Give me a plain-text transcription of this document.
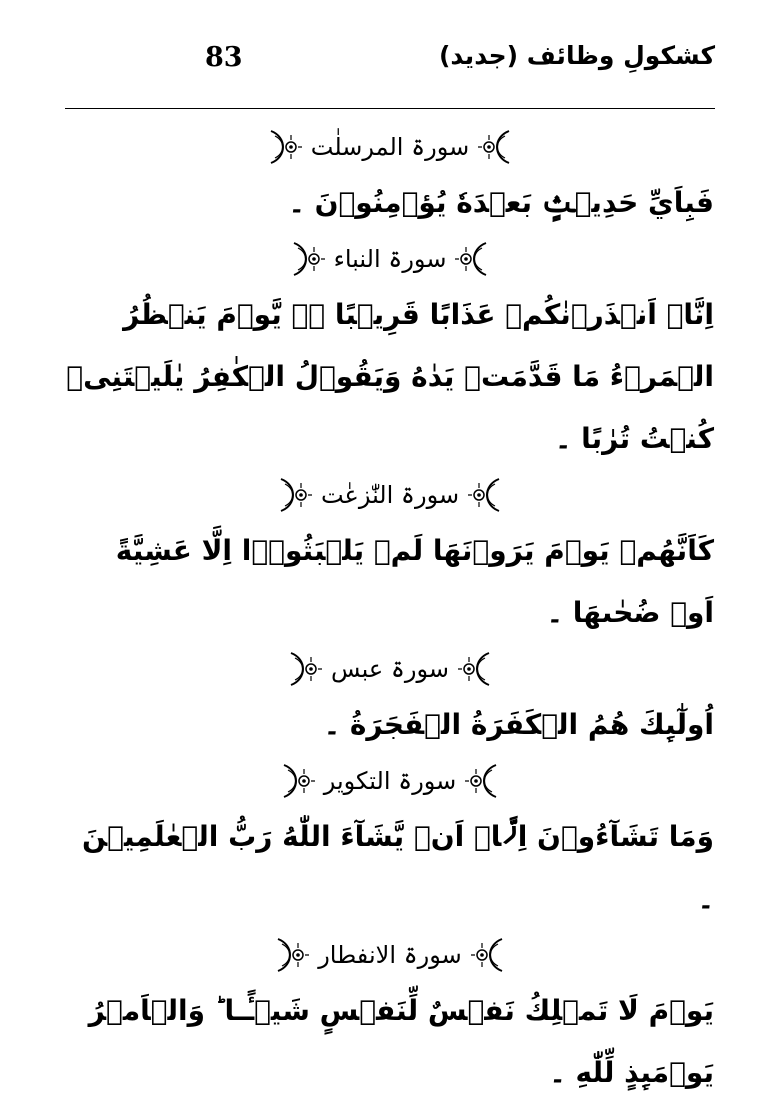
83	کشکولِ وظائف (جدید)
سورۃ المرسلٰت

فَبِاَيِّ حَدِيۡثٍۢ بَعۡدَهٗ يُؤۡمِنُوۡنَ ۔

سورۃ النباء

اِنَّاۤ اَنۡذَرۡنٰكُمۡ عَذَابًا قَرِيۡبًا ۖۚ يَّوۡمَ يَنۡظُرُ الۡمَرۡءُ مَا قَدَّمَتۡ يَدٰهُ وَيَقُوۡلُ الۡكٰفِرُ يٰلَيۡتَنِىۡ كُنۡتُ تُرٰبًا ۔

سورۃ النّٰزعٰت

كَاَنَّهُمۡ يَوۡمَ يَرَوۡنَهَا لَمۡ يَلۡبَثُوۡۤا اِلَّا عَشِيَّةً اَوۡ ضُحٰٮهَا ۔

سورۃ عبس

اُولٰٓٮِٕكَ هُمُ الۡكَفَرَةُ الۡفَجَرَةُ ۔

سورۃ التکویر

وَمَا تَشَآءُوۡنَ اِلَّاۤ اَنۡ يَّشَآءَ اللّٰهُ رَبُّ الۡعٰلَمِيۡنَ ۔

سورۃ الانفطار

يَوۡمَ لَا تَمۡلِكُ نَفۡسٌ لِّنَفۡسٍ شَيۡـًٔـا ؕ وَالۡاَمۡرُ يَوۡمَٮِٕذٍ لِّلّٰهِ ۔
